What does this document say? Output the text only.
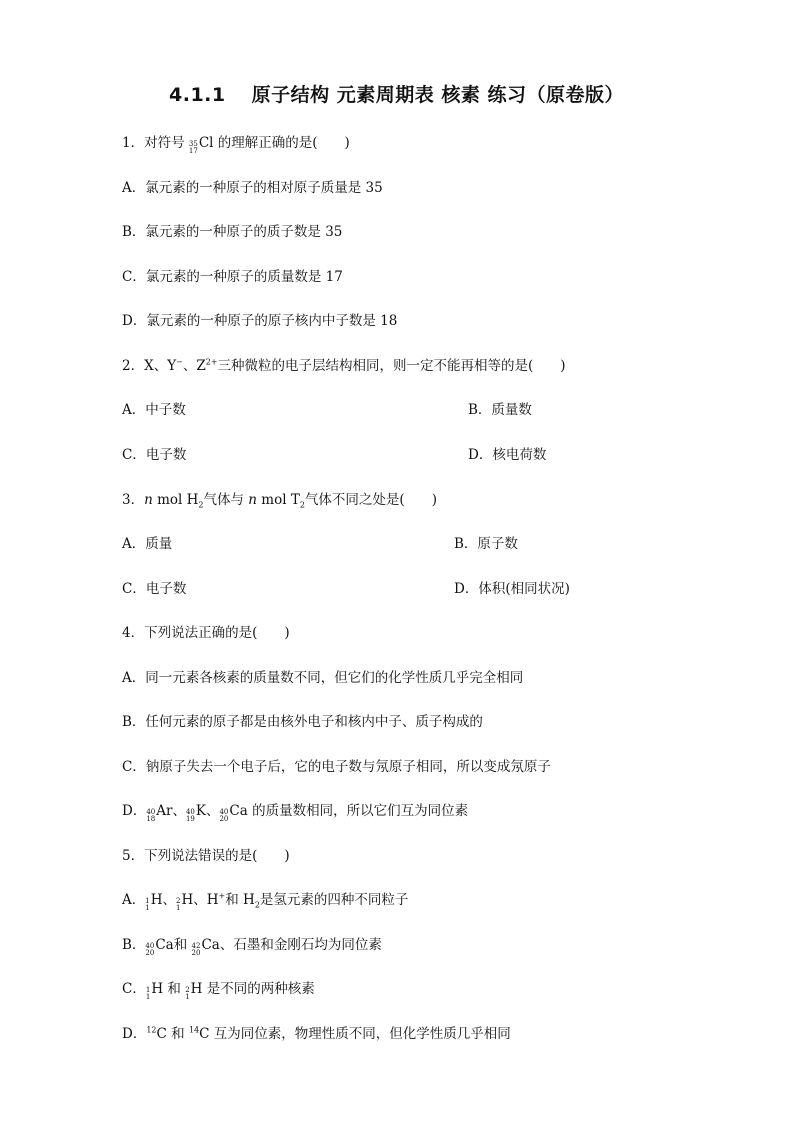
4.1.1 原子结构 元素周期表 核素 练习（原卷版）
1．对符号 35
17 Cl 的理解正确的是(　　)
A．氯元素的一种原子的相对原子质量是 35
B．氯元素的一种原子的质子数是 35
C．氯元素的一种原子的质量数是 17
D．氯元素的一种原子的原子核内中子数是 18
2．X、Y−、$Z^{2+}$三种微粒的电子层结构相同，则一定不能再相等的是(　　)
A．中子数	B．质量数
C．电子数	D．核电荷数
3．n mol $H_2$气体与 n mol $T_2$气体不同之处是(　　)
A．质量	B．原子数
C．电子数	D．体积(相同状况)
4．下列说法正确的是(　　)
A．同一元素各核素的质量数不同，但它们的化学性质几乎完全相同
B．任何元素的原子都是由核外电子和核内中子、质子构成的
C．钠原子失去一个电子后，它的电子数与氖原子相同，所以变成氖原子
D． 40
18 Ar、 40
19 K、 40
20 Ca 的质量数相同，所以它们互为同位素
5．下列说法错误的是(　　)
A． 1
1 H、 2
1 H、H+和 $H_2$是氢元素的四种不同粒子
B． 40
20 Ca和 42
20 Ca、石墨和金刚石均为同位素
C． 1
1 H 和 2
1 H 是不同的两种核素
D．$^{12}$C 和 $^{14}$C 互为同位素，物理性质不同，但化学性质几乎相同
